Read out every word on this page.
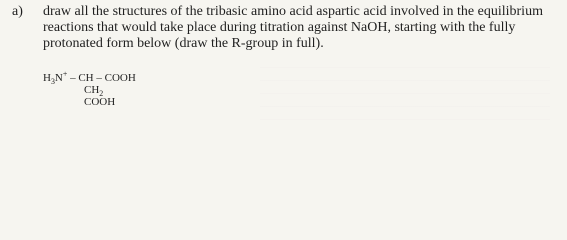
a)	draw all the structures of the tribasic amino acid aspartic acid involved in the equilibrium
reactions that would take place during titration against NaOH, starting with the fully
protonated form below (draw the R-group in full).
$H_3N^+$ – CH – COOH
$CH_2$
COOH
